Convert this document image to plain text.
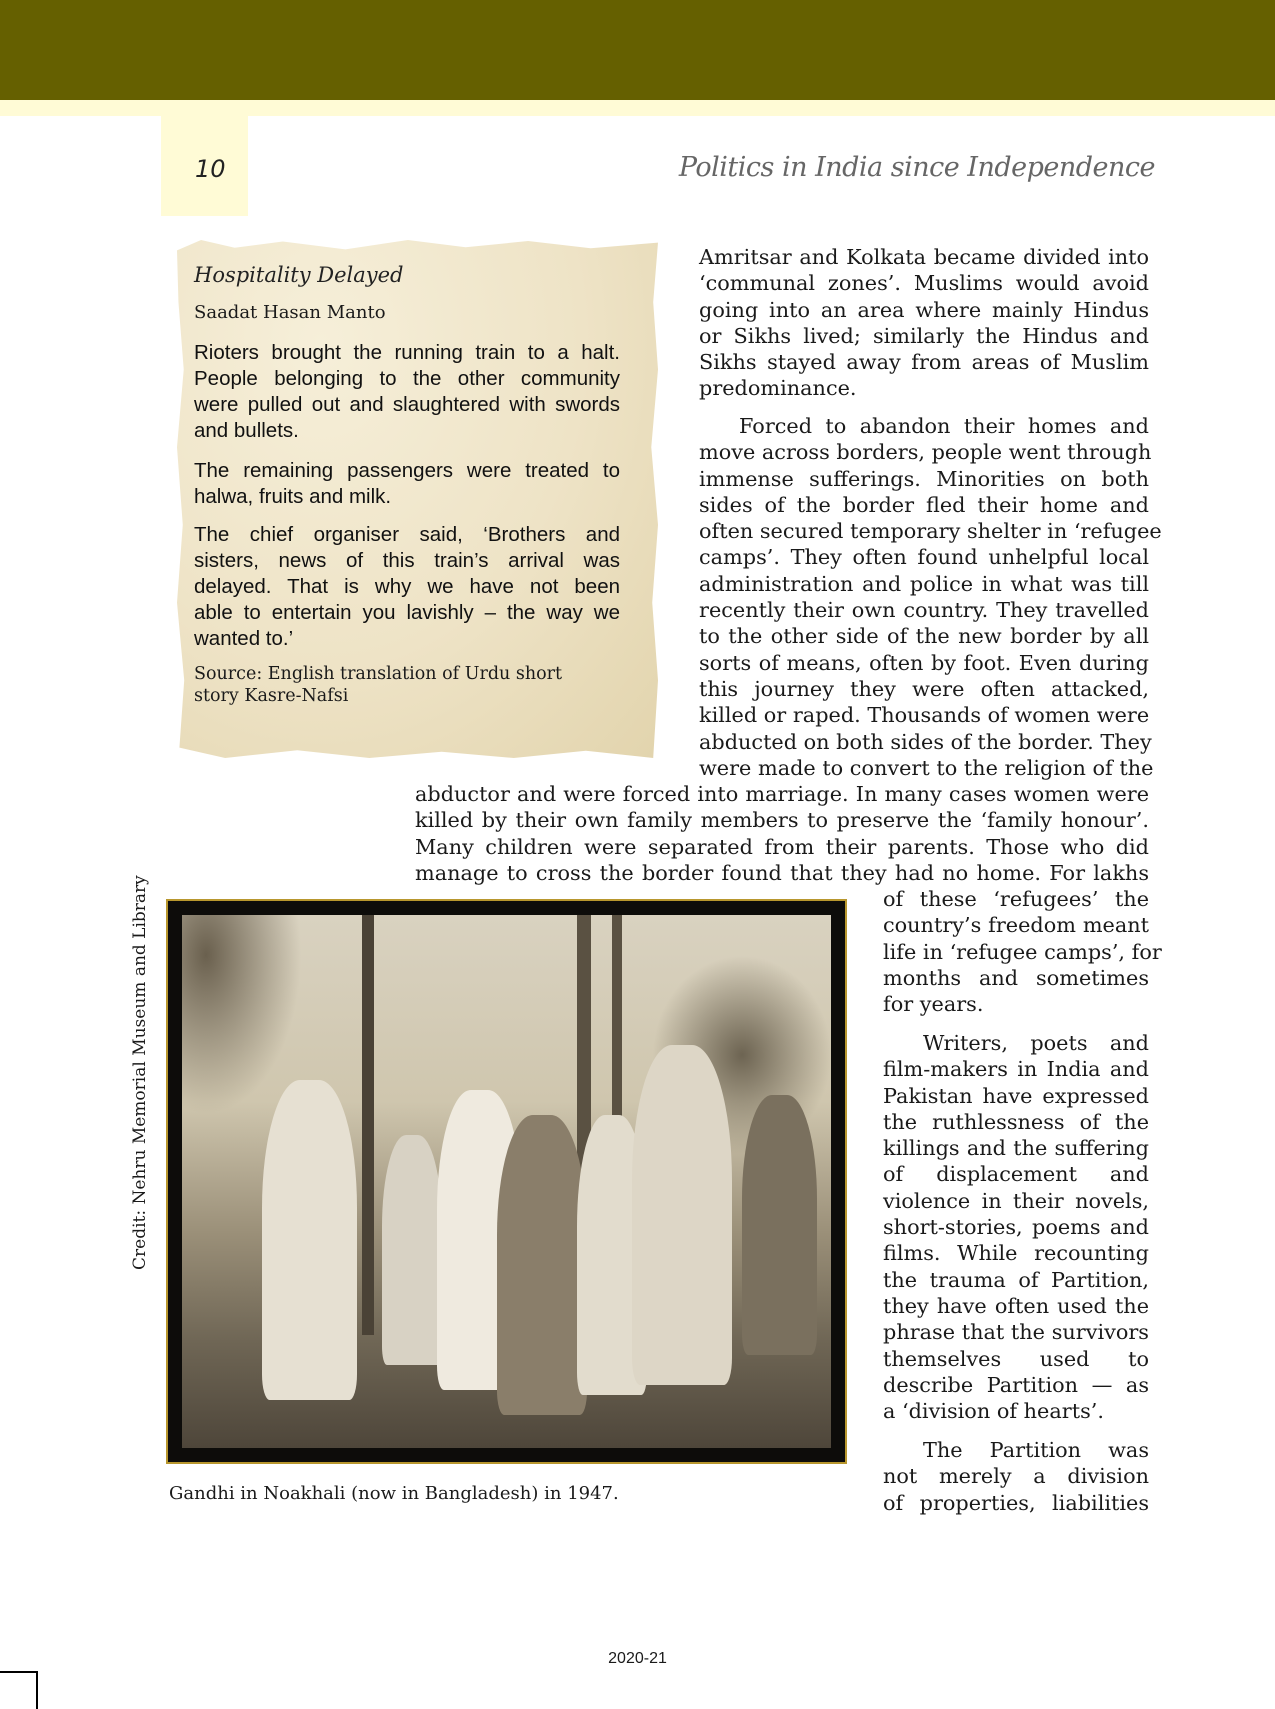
10	Politics in India since Independence
Hospitality Delayed
Saadat Hasan Manto
Rioters brought the running train to a halt.
People belonging to the other community
were pulled out and slaughtered with swords
and bullets.
The remaining passengers were treated to
halwa, fruits and milk.
The chief organiser said, ‘Brothers and
sisters, news of this train’s arrival was
delayed. That is why we have not been
able to entertain you lavishly – the way we
wanted to.’
Source: English translation of Urdu short
story Kasre-Nafsi
Amritsar and Kolkata became divided into
‘communal zones’. Muslims would avoid
going into an area where mainly Hindus
or Sikhs lived; similarly the Hindus and
Sikhs stayed away from areas of Muslim
predominance.
Forced to abandon their homes and
move across borders, people went through
immense sufferings. Minorities on both
sides of the border fled their home and
often secured temporary shelter in ‘refugee
camps’. They often found unhelpful local
administration and police in what was till
recently their own country. They travelled
to the other side of the new border by all
sorts of means, often by foot. Even during
this journey they were often attacked,
killed or raped. Thousands of women were
abducted on both sides of the border. They
were made to convert to the religion of the
abductor and were forced into marriage. In many cases women were
killed by their own family members to preserve the ‘family honour’.
Many children were separated from their parents. Those who did
manage to cross the border found that they had no home. For lakhs
of these ‘refugees’ the
country’s freedom meant
life in ‘refugee camps’, for
months and sometimes
for years.
Writers, poets and
film-makers in India and
Pakistan have expressed
the ruthlessness of the
killings and the suffering
of displacement and
violence in their novels,
short-stories, poems and
films. While recounting
the trauma of Partition,
they have often used the
phrase that the survivors
themselves used to
describe Partition — as
a ‘division of hearts’.
The Partition was
not merely a division
of properties, liabilities
Credit: Nehru Memorial Museum and Library
Gandhi in Noakhali (now in Bangladesh) in 1947.
2020-21
